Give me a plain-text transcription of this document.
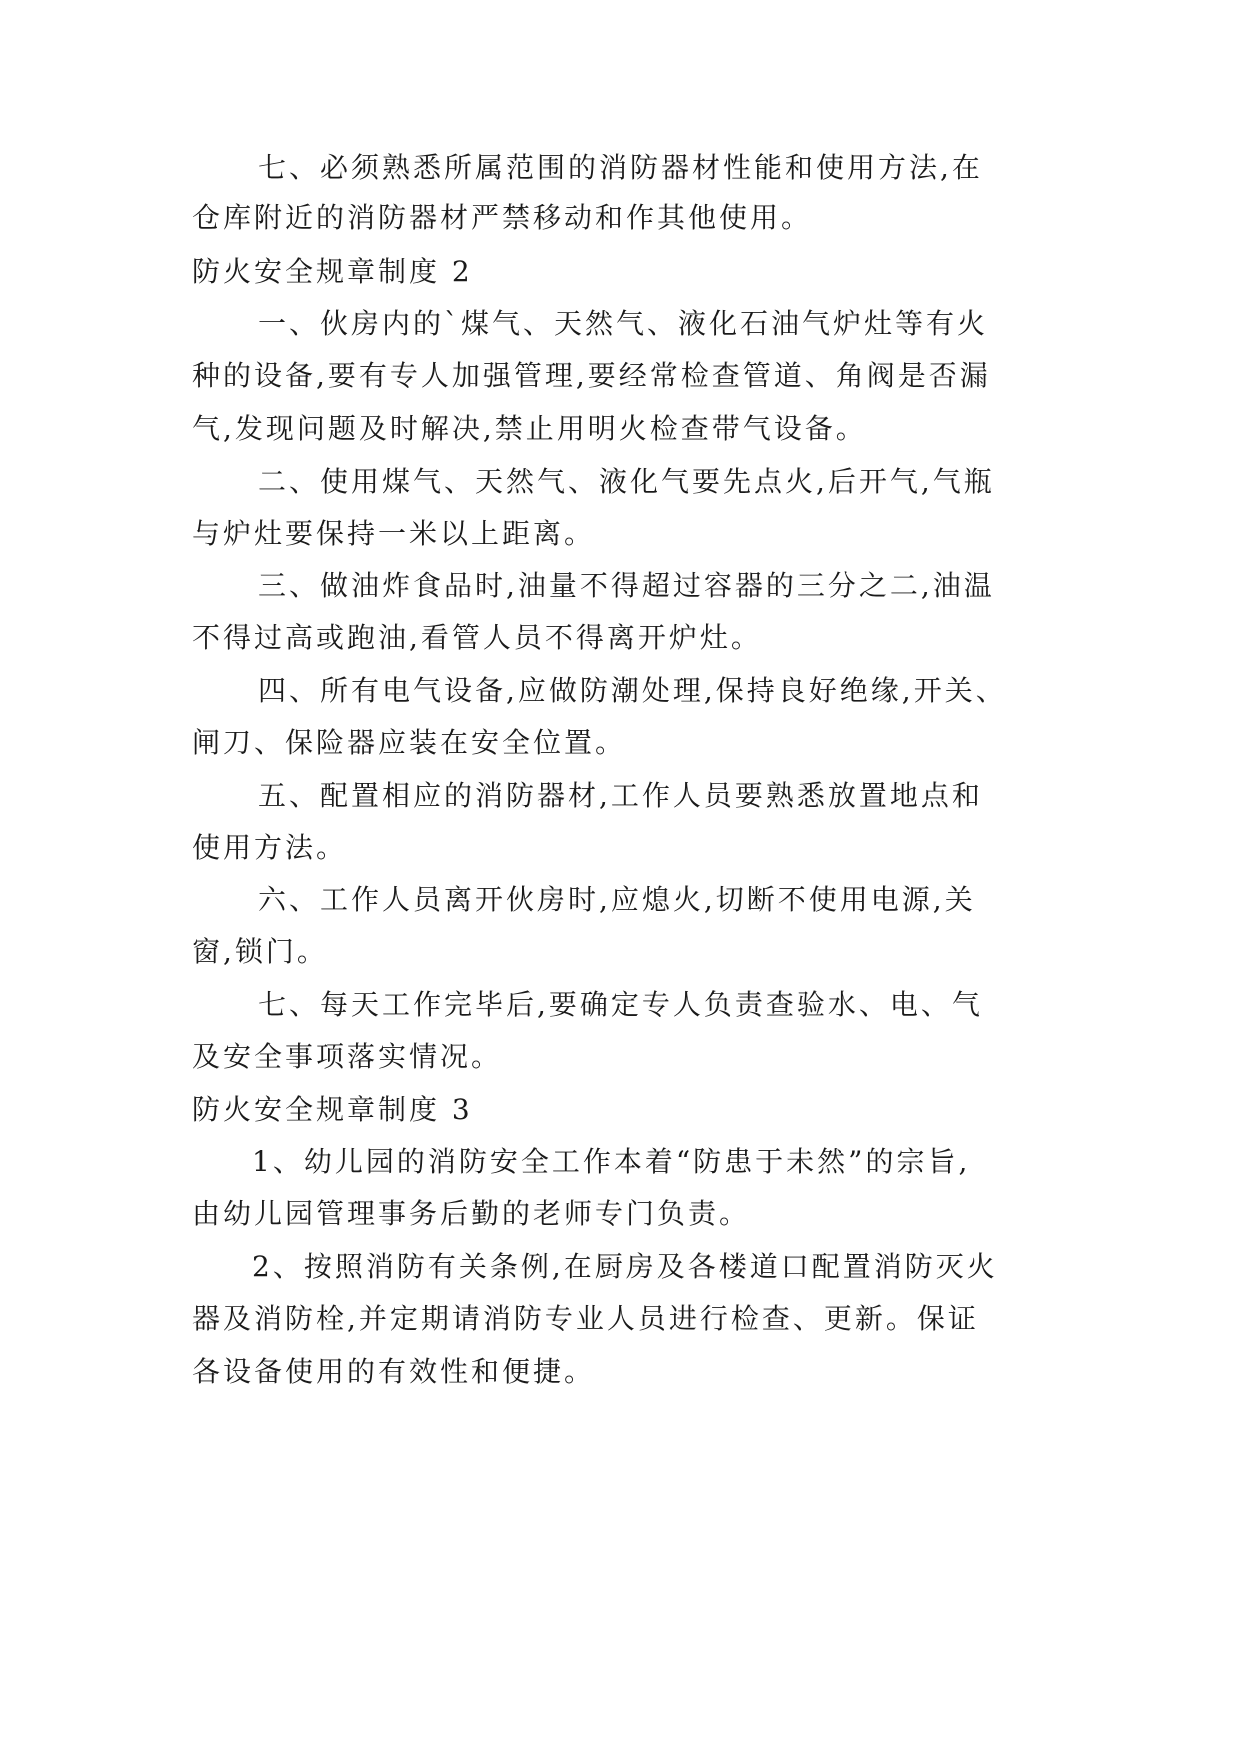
七、必须熟悉所属范围的消防器材性能和使用方法,在
仓库附近的消防器材严禁移动和作其他使用。
防火安全规章制度 2
一、伙房内的`煤气、天然气、液化石油气炉灶等有火
种的设备,要有专人加强管理,要经常检查管道、角阀是否漏
气,发现问题及时解决,禁止用明火检查带气设备。
二、使用煤气、天然气、液化气要先点火,后开气,气瓶
与炉灶要保持一米以上距离。
三、做油炸食品时,油量不得超过容器的三分之二,油温
不得过高或跑油,看管人员不得离开炉灶。
四、所有电气设备,应做防潮处理,保持良好绝缘,开关、
闸刀、保险器应装在安全位置。
五、配置相应的消防器材,工作人员要熟悉放置地点和
使用方法。
六、工作人员离开伙房时,应熄火,切断不使用电源,关
窗,锁门。
七、每天工作完毕后,要确定专人负责查验水、电、气
及安全事项落实情况。
防火安全规章制度 3
1、幼儿园的消防安全工作本着“防患于未然”的宗旨,
由幼儿园管理事务后勤的老师专门负责。
2、按照消防有关条例,在厨房及各楼道口配置消防灭火
器及消防栓,并定期请消防专业人员进行检查、更新。保证
各设备使用的有效性和便捷。
